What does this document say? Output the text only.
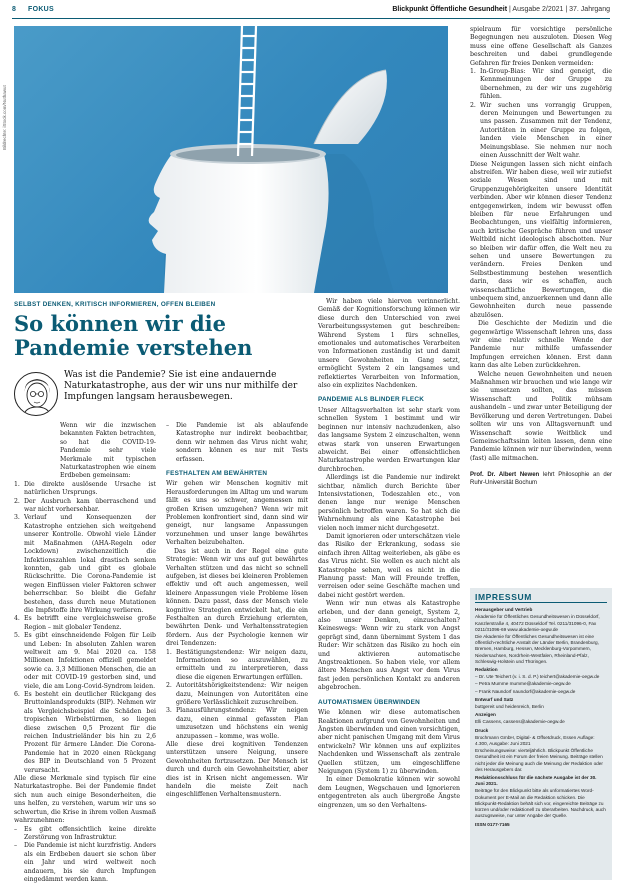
8 FOKUS	Blickpunkt Öffentliche Gesundheit | Ausgabe 2/2021 | 37. Jahrgang
Bildrechte: iStock.com/Nuthawut
SELBST DENKEN, KRITISCH INFORMIEREN, OFFEN BLEIBEN
So können wir die Pandemie verstehen

Was ist die Pandemie? Sie ist eine andauernde Naturkatastrophe, aus der wir uns nur mithilfe der Impfungen langsam herausbewegen.

Wenn wir die inzwischen bekannten Fakten betrachten, so hat die COVID-19-Pandemie sehr viele Merkmale mit typischen Naturkatastrophen wie einem Erdbeben gemeinsam:

1. Die direkte auslösende Ursache ist natürlichen Ursprungs.
2. Der Ausbruch kam überraschend und war nicht vorhersehbar.
3. Verlauf und Konsequenzen der Katastrophe entziehen sich weitgehend unserer Kontrolle. Obwohl viele Länder mit Maßnahmen (AHA-Regeln oder Lockdown) zwischenzeitlich die Infektionszahlen lokal drastisch senken konnten, gab und gibt es globale Rückschritte. Die Corona-Pandemie ist wegen Einflüssen vieler Faktoren schwer beherrschbar. So bleibt die Gefahr bestehen, dass durch neue Mutationen die Impfstoffe ihre Wirkung verlieren.
4. Es betrifft eine vergleichsweise große Region – mit globaler Tendenz.
5. Es gibt einschneidende Folgen für Leib und Leben: In absoluten Zahlen waren weltweit am 9. Mai 2020 ca. 158 Millionen Infektionen offiziell gemeldet sowie ca. 3,3 Millionen Menschen, die an oder mit COVID-19 gestorben sind, und viele, die am Long-Covid-Syndrom leiden.
6. Es besteht ein deutlicher Rückgang des Bruttoinlandsprodukts (BIP). Nehmen wir als Vergleichsbeispiel die Schäden bei tropischen Wirbelstürmen, so liegen diese zwischen 0,5 Prozent für die reichen Industrieländer bis hin zu 2,6 Prozent für ärmere Länder. Die Corona-Pandemie hat in 2020 einen Rückgang des BIP in Deutschland von 5 Prozent verursacht.

Alle diese Merkmale sind typisch für eine Naturkatastrophe. Bei der Pandemie findet sich nun auch einige Besonderheiten, die uns helfen, zu verstehen, warum wir uns so schwertun, die Krise in ihrem vollen Ausmaß wahrzunehmen:

– Es gibt offensichtlich keine direkte Zerstörung von Infrastruktur.
– Die Pandemie ist nicht kurzfristig. Anders als ein Erdbeben dauert sie schon über ein Jahr und wird weltweit noch andauern, bis sie durch Impfungen eingedämmt werden kann.
– Die Pandemie ist als ablaufende Katastrophe nur indirekt beobachtbar, denn wir nehmen das Virus nicht wahr, sondern können es nur mit Tests erfassen.
FESTHALTEN AM BEWÄHRTEN

Wir gehen wir Menschen kognitiv mit Herausforderungen im Alltag um und warum fällt es uns so schwer, angemessen mit großen Krisen umzugehen? Wenn wir mit Problemen konfrontiert sind, dann sind wir geneigt, nur langsame Anpassungen vorzunehmen und unser lange bewährtes Verhalten beizubehalten.

Das ist auch in der Regel eine gute Strategie: Wenn wir uns auf gut bewährtes Verhalten stützen und das nicht so schnell aufgeben, ist dieses bei kleineren Problemen effektiv und oft auch angemessen, weil kleinere Anpassungen viele Probleme lösen können. Dazu passt, dass der Mensch viele kognitive Strategien entwickelt hat, die ein Festhalten an durch Erziehung erlernten, bewährten Denk- und Verhaltensstrategien fördern. Aus der Psychologie kennen wir drei Tendenzen:

1. Bestätigungstendenz: Wir neigen dazu, Informationen so auszuwählen, zu ermitteln und zu interpretieren, dass diese die eigenen Erwartungen erfüllen.
2. Autoritätshörigkeitstendenz: Wir neigen dazu, Meinungen von Autoritäten eine größere Verlässlichkeit zuzuschreiben.
3. Planausführungstendenz: Wir neigen dazu, einen einmal gefassten Plan umzusetzen und höchstens ein wenig anzupassen – komme, was wolle.

Alle diese drei kognitiven Tendenzen unterstützen unsere Neigung, unsere Gewohnheiten fortzusetzen. Der Mensch ist durch und durch ein Gewohnheitstier, aber dies ist in Krisen nicht angemessen. Wir handeln die meiste Zeit nach eingeschliffenen Verhaltensmustern.

Wir haben viele hiervon verinnerlicht. Gemäß der Kognitionsforschung können wir diese durch den Unterschied von zwei Verarbeitungssystemen gut beschreiben: Während System 1 fürs schnelles, emotionales und automatisches Verarbeiten von Informationen zuständig ist und damit unsere Gewohnheiten in Gang setzt, ermöglicht System 2 ein langsames und reflektiertes Verarbeiten von Information, also ein explizites Nachdenken.

PANDEMIE ALS BLINDER FLECK

Unser Alltagsverhalten ist sehr stark vom schnellen System 1 bestimmt und wir beginnen nur intensiv nachzudenken, also das langsame System 2 einzuschalten, wenn etwas stark von unseren Erwartungen abweicht. Bei einer offensichtlichen Naturkatastrophe werden Erwartungen klar durchbrochen.

Allerdings ist die Pandemie nur indirekt sichtbar, nämlich durch Berichte über Intensivstationen, Todeszahlen etc., von denen lange nur wenige Menschen persönlich betroffen waren. So hat sich die Wahrnehmung als eine Katastrophe bei vielen noch immer nicht durchgesetzt.

Damit ignorieren oder unterschätzen viele das Risiko der Erkrankung, sodass sie einfach ihren Alltag weiterleben, als gäbe es das Virus nicht. Sie wollen es auch nicht als Katastrophe sehen, weil es nicht in die Planung passt: Man will Freunde treffen, verreisen oder seine Geschäfte machen und dabei nicht gestört werden.

Wenn wir nun etwas als Katastrophe erleben, und der dann geneigt, System 2, also unser Denken, einzuschalten? Keineswegs: Wenn wir zu stark von Angst geprägt sind, dann übernimmt System 1 das Ruder: Wir schätzen das Risiko zu hoch ein und aktivieren automatische Angstreaktionen. So haben viele, vor allem ältere Menschen aus Angst vor dem Virus fast jeden persönlichen Kontakt zu anderen abgebrochen.

AUTOMATISMEN ÜBERWINDEN

Wie können wir diese automatischen Reaktionen aufgrund von Gewohnheiten und Ängsten überwinden und einen vorsichtigen, aber nicht panischen Umgang mit dem Virus entwickeln? Wir können uns auf explizites Nachdenken und Wissenschaft als zentrale Quellen stützen, um eingeschliffene Neigungen (System 1) zu überwinden.

In einer Demokratie können wir sowohl dem Leugnen, Wegschauen und Ignorieren entgegentreten als auch übergroße Ängste eingrenzen, um so den Verhaltens-

spielraum für vorsichtige persönliche Begegnungen neu auszuloten. Diesen Weg muss eine offene Gesellschaft als Ganzes beschreiten und dabei grundlegende Gefahren für freies Denken vermeiden:

1. In-Group-Bias: Wir sind geneigt, die Kennmeinungen der Gruppe zu übernehmen, zu der wir uns zugehörig fühlen.
2. Wir suchen uns vorrangig Gruppen, deren Meinungen und Bewertungen zu uns passen. Zusammen mit der Tendenz, Autoritäten in einer Gruppe zu folgen, landen viele Menschen in einer Meinungsblase. Sie nehmen nur noch einen Ausschnitt der Welt wahr.

Diese Neigungen lassen sich nicht einfach abstreifen. Wir haben diese, weil wir zutiefst soziale Wesen sind und mit Gruppenzugehörigkeiten unsere Identität verbinden. Aber wir können dieser Tendenz entgegenwirken, indem wir bewusst offen bleiben für neue Erfahrungen und Beobachtungen, uns vielfältig informieren, auch kritische Gespräche führen und unser Weltbild nicht ideologisch abschotten. Nur so bleiben wir dafür offen, die Welt neu zu sehen und unsere Bewertungen zu verändern. Freies Denken und Selbstbestimmung bestehen wesentlich darin, dass wir es schaffen, auch wissenschaftliche Bewertungen, die unbequem sind, anzuerkennen und dann alle Gewohnheiten durch neue passende abzulösen.

Die Geschichte der Medizin und die gegenwärtige Wissenschaft lehren uns, dass wir eine relativ schnelle Wende der Pandemie nur mithilfe umfassender Impfungen erreichen können. Erst dann kann das alte Leben zurückkehren.

Welche neuen Gewohnheiten und neuen Maßnahmen wir brauchen und wie lange wir sie umsetzen sollten, das müssen Wissenschaft und Politik mühsam aushandeln – und zwar unter Beteiligung der Bevölkerung und deren Vertretungen. Dabei sollten wir uns von Alltagsvernunft und Wissenschaft sowie Weitblick und Gemeinschaftssinn leiten lassen, denn eine Pandemie können wir nur überwinden, wenn (fast) alle mitmachen.

Prof. Dr. Albert Newen lehrt Philosophie an der Ruhr-Universität Bochum

IMPRESSUM

Herausgeber und Vertrieb

Akademie für Öffentliches Gesundheitswesen in Düsseldorf, Kanzlerstraße 4, 40472 Düsseldorf Tel. 0211/31096-0, Fax 0211/31096-69 www.akademie-oegw.de

Die Akademie für Öffentliches Gesundheitswesen ist eine öffentlich-rechtliche Anstalt der Länder Berlin, Brandenburg, Bremen, Hamburg, Hessen, Mecklenburg-Vorpommern, Niedersachsen, Nordrhein-Westfalen, Rheinland-Pfalz, Schleswig-Holstein und Thüringen.

Redaktion

– Dr. Ute Teichert (v. i. S. d. P.) teichert@akademie-oegw.de

– Petra Mumme mumme@akademie-oegw.de

– Frank Naundorf naundorf@akademie-oegw.de

Entwurf und Satz

buttgereit und heidenreich, Berlin

Anzeigen

Elli Cassens, cassens@akademie-oegw.de

Druck

Brochmann GmbH, Digital- & Offsetdruck, Essen Auflage: 4.300, Ausgabe: Juni 2021

Erscheinungsweise: vierteljährlich. Blickpunkt Öffentliche Gesundheit ist ein Forum der freien Meinung. Beiträge stellen nicht jeder die Meinung auch die Meinung der Redaktion oder des Herausgebers dar.

Redaktionsschluss für die nächste Ausgabe ist der 30. Juni 2021.

Beiträge für den Blickpunkt bitte als unformatiertes Word-Dokument per E-Mail an die Redaktion schicken. Die Blickpunkt-Redaktion behält sich vor, eingereichte Beiträge zu kürzen und/oder redaktionell zu überarbeiten. Nachdruck, auch auszugsweise, nur unter Angabe der Quelle.

ISSN 0177-7165
